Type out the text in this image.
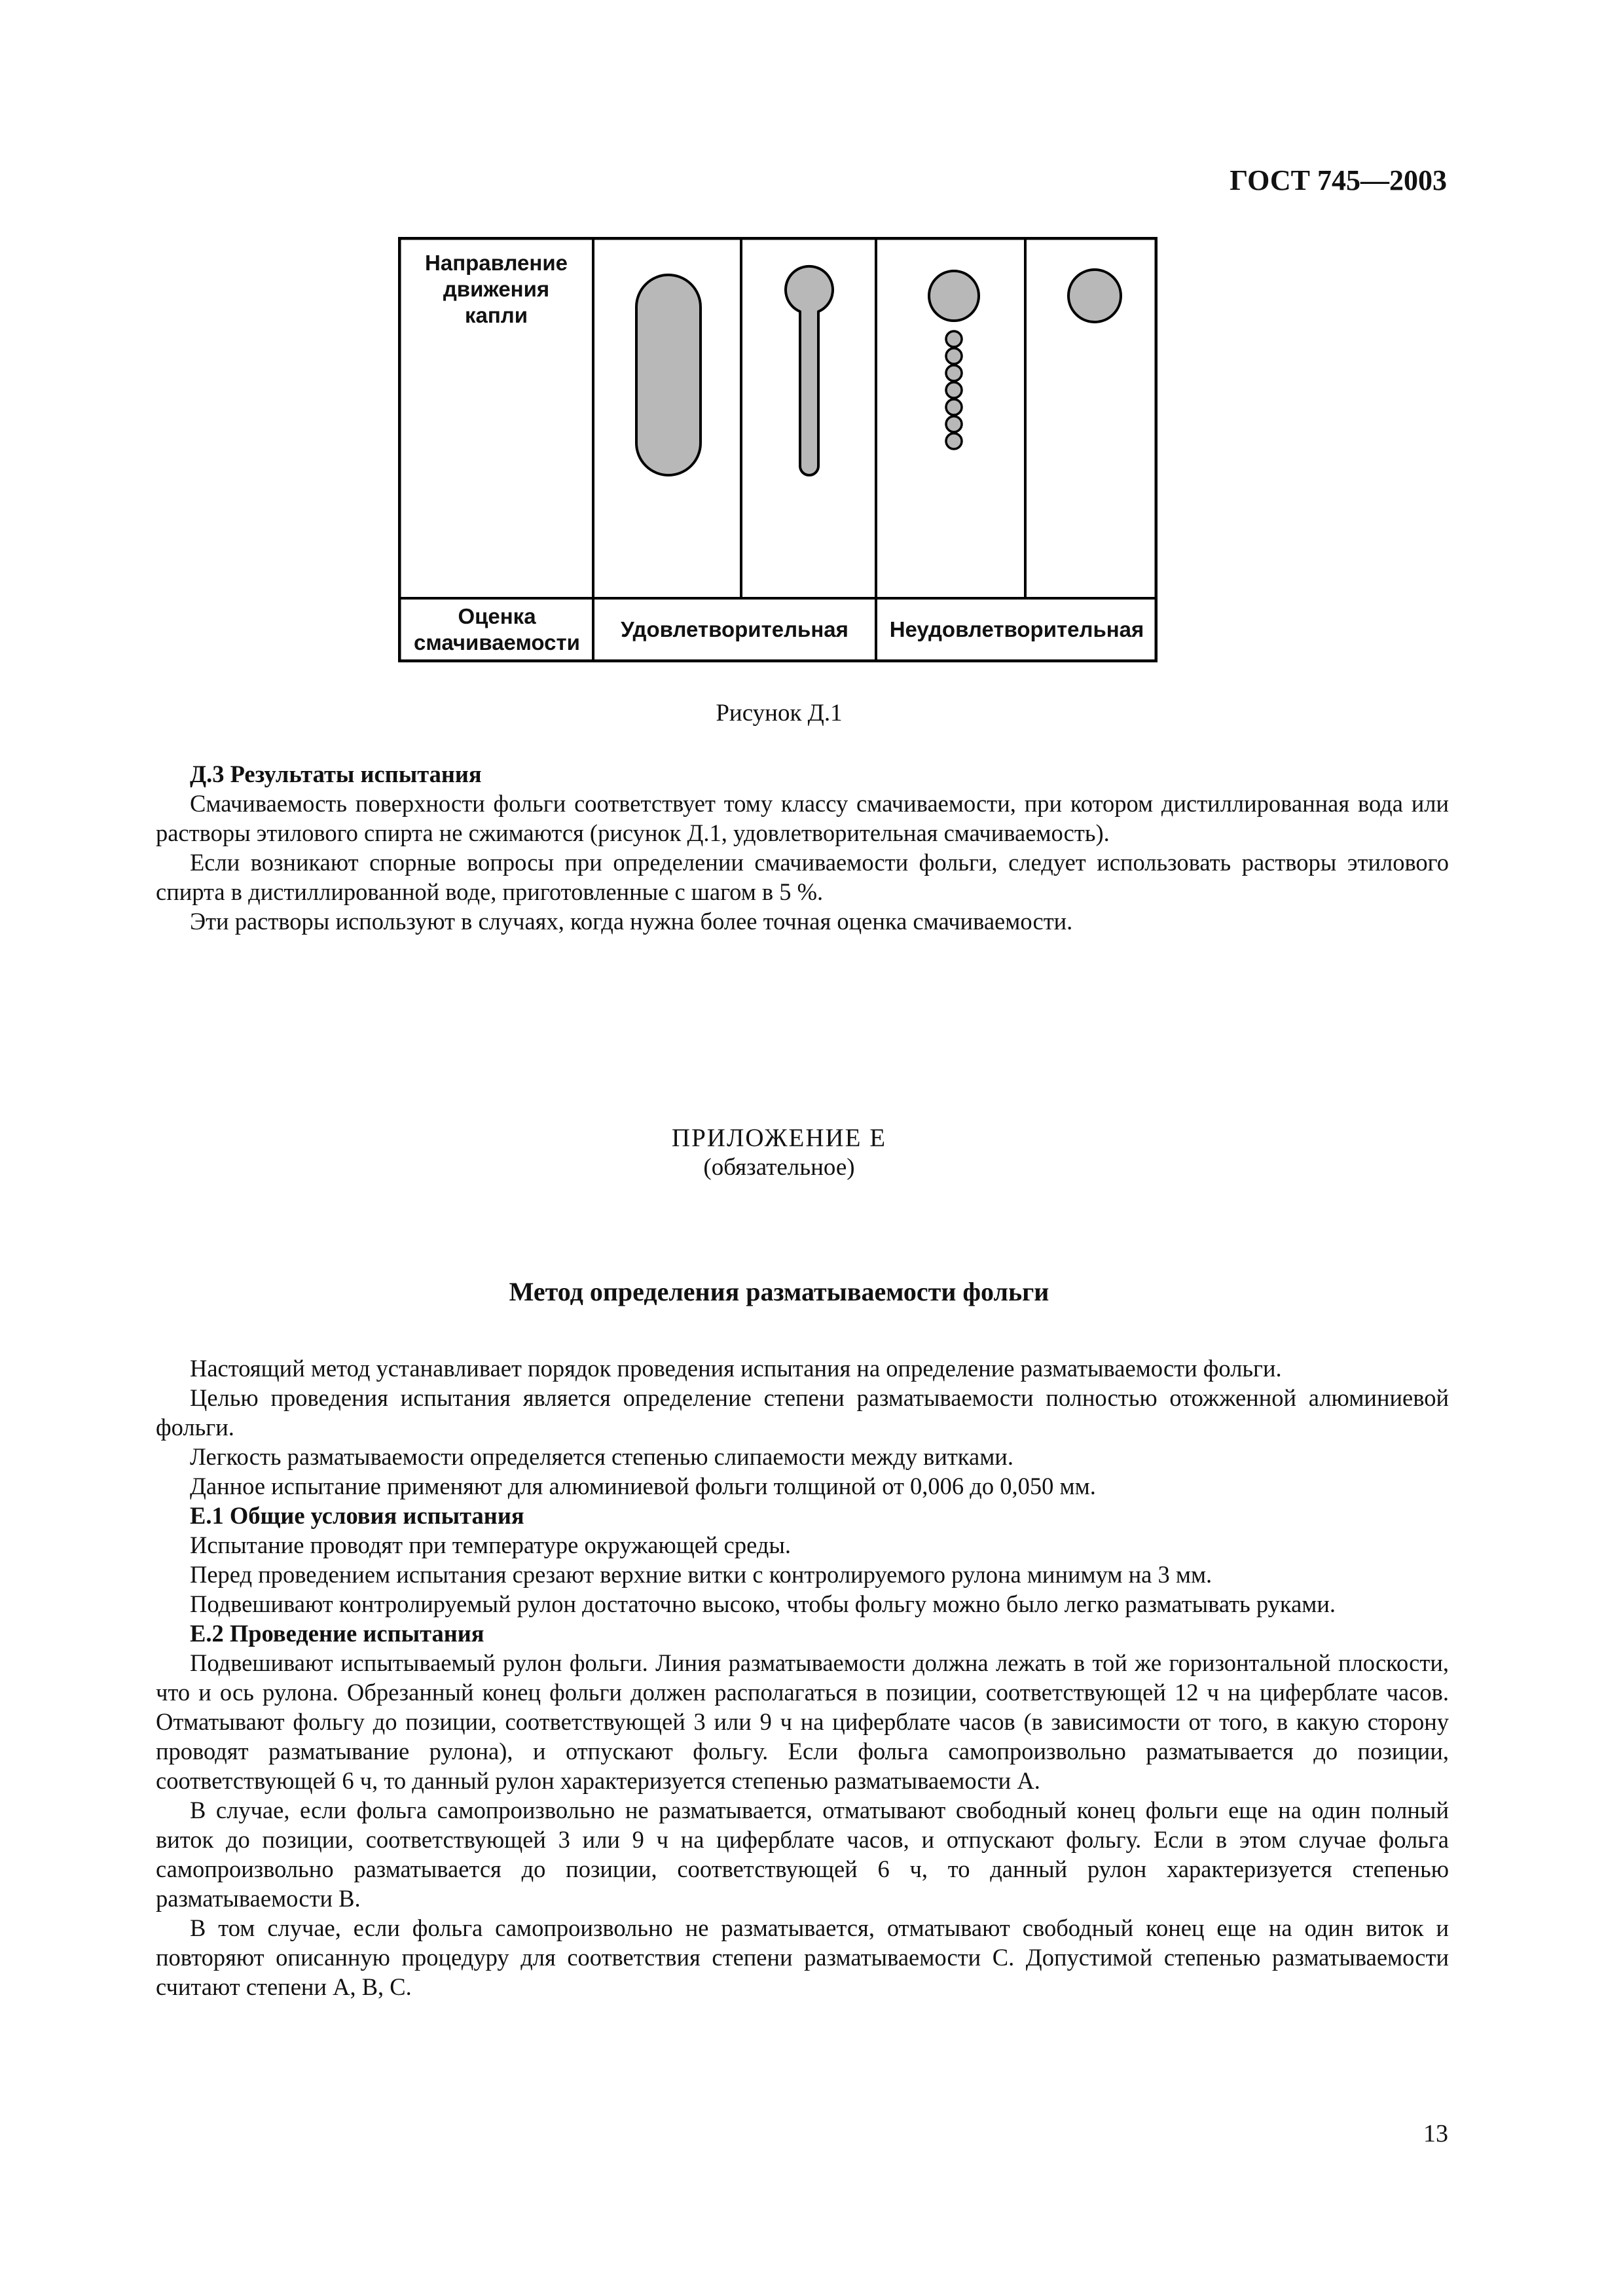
ГОСТ 745—2003
Направление движения капли
Оценка смачиваемости
Удовлетворительная	Неудовлетворительная
Рисунок Д.1
Д.3 Результаты испытания

Смачиваемость поверхности фольги соответствует тому классу смачиваемости, при котором дистиллированная вода или растворы этилового спирта не сжимаются (рисунок Д.1, удовлетворительная смачиваемость).

Если возникают спорные вопросы при определении смачиваемости фольги, следует использовать растворы этилового спирта в дистиллированной воде, приготовленные с шагом в 5 %.

Эти растворы используют в случаях, когда нужна более точная оценка смачиваемости.

ПРИЛОЖЕНИЕ Е
(обязательное)
Метод определения разматываемости фольги

Настоящий метод устанавливает порядок проведения испытания на определение разматываемости фольги.

Целью проведения испытания является определение степени разматываемости полностью отожженной алюминиевой фольги.

Легкость разматываемости определяется степенью слипаемости между витками.

Данное испытание применяют для алюминиевой фольги толщиной от 0,006 до 0,050 мм.

Е.1 Общие условия испытания

Испытание проводят при температуре окружающей среды.

Перед проведением испытания срезают верхние витки с контролируемого рулона минимум на 3 мм.

Подвешивают контролируемый рулон достаточно высоко, чтобы фольгу можно было легко разматывать руками.

Е.2 Проведение испытания

Подвешивают испытываемый рулон фольги. Линия разматываемости должна лежать в той же горизонтальной плоскости, что и ось рулона. Обрезанный конец фольги должен располагаться в позиции, соответствующей 12 ч на циферблате часов. Отматывают фольгу до позиции, соответствующей 3 или 9 ч на циферблате часов (в зависимости от того, в какую сторону проводят разматывание рулона), и отпускают фольгу. Если фольга самопроизвольно разматывается до позиции, соответствующей 6 ч, то данный рулон характеризуется степенью разматываемости А.

В случае, если фольга самопроизвольно не разматывается, отматывают свободный конец фольги еще на один полный виток до позиции, соответствующей 3 или 9 ч на циферблате часов, и отпускают фольгу. Если в этом случае фольга самопроизвольно разматывается до позиции, соответствующей 6 ч, то данный рулон характеризуется степенью разматываемости В.

В том случае, если фольга самопроизвольно не разматывается, отматывают свободный конец еще на один виток и повторяют описанную процедуру для соответствия степени разматываемости С. Допустимой степенью разматываемости считают степени А, В, С.

13
